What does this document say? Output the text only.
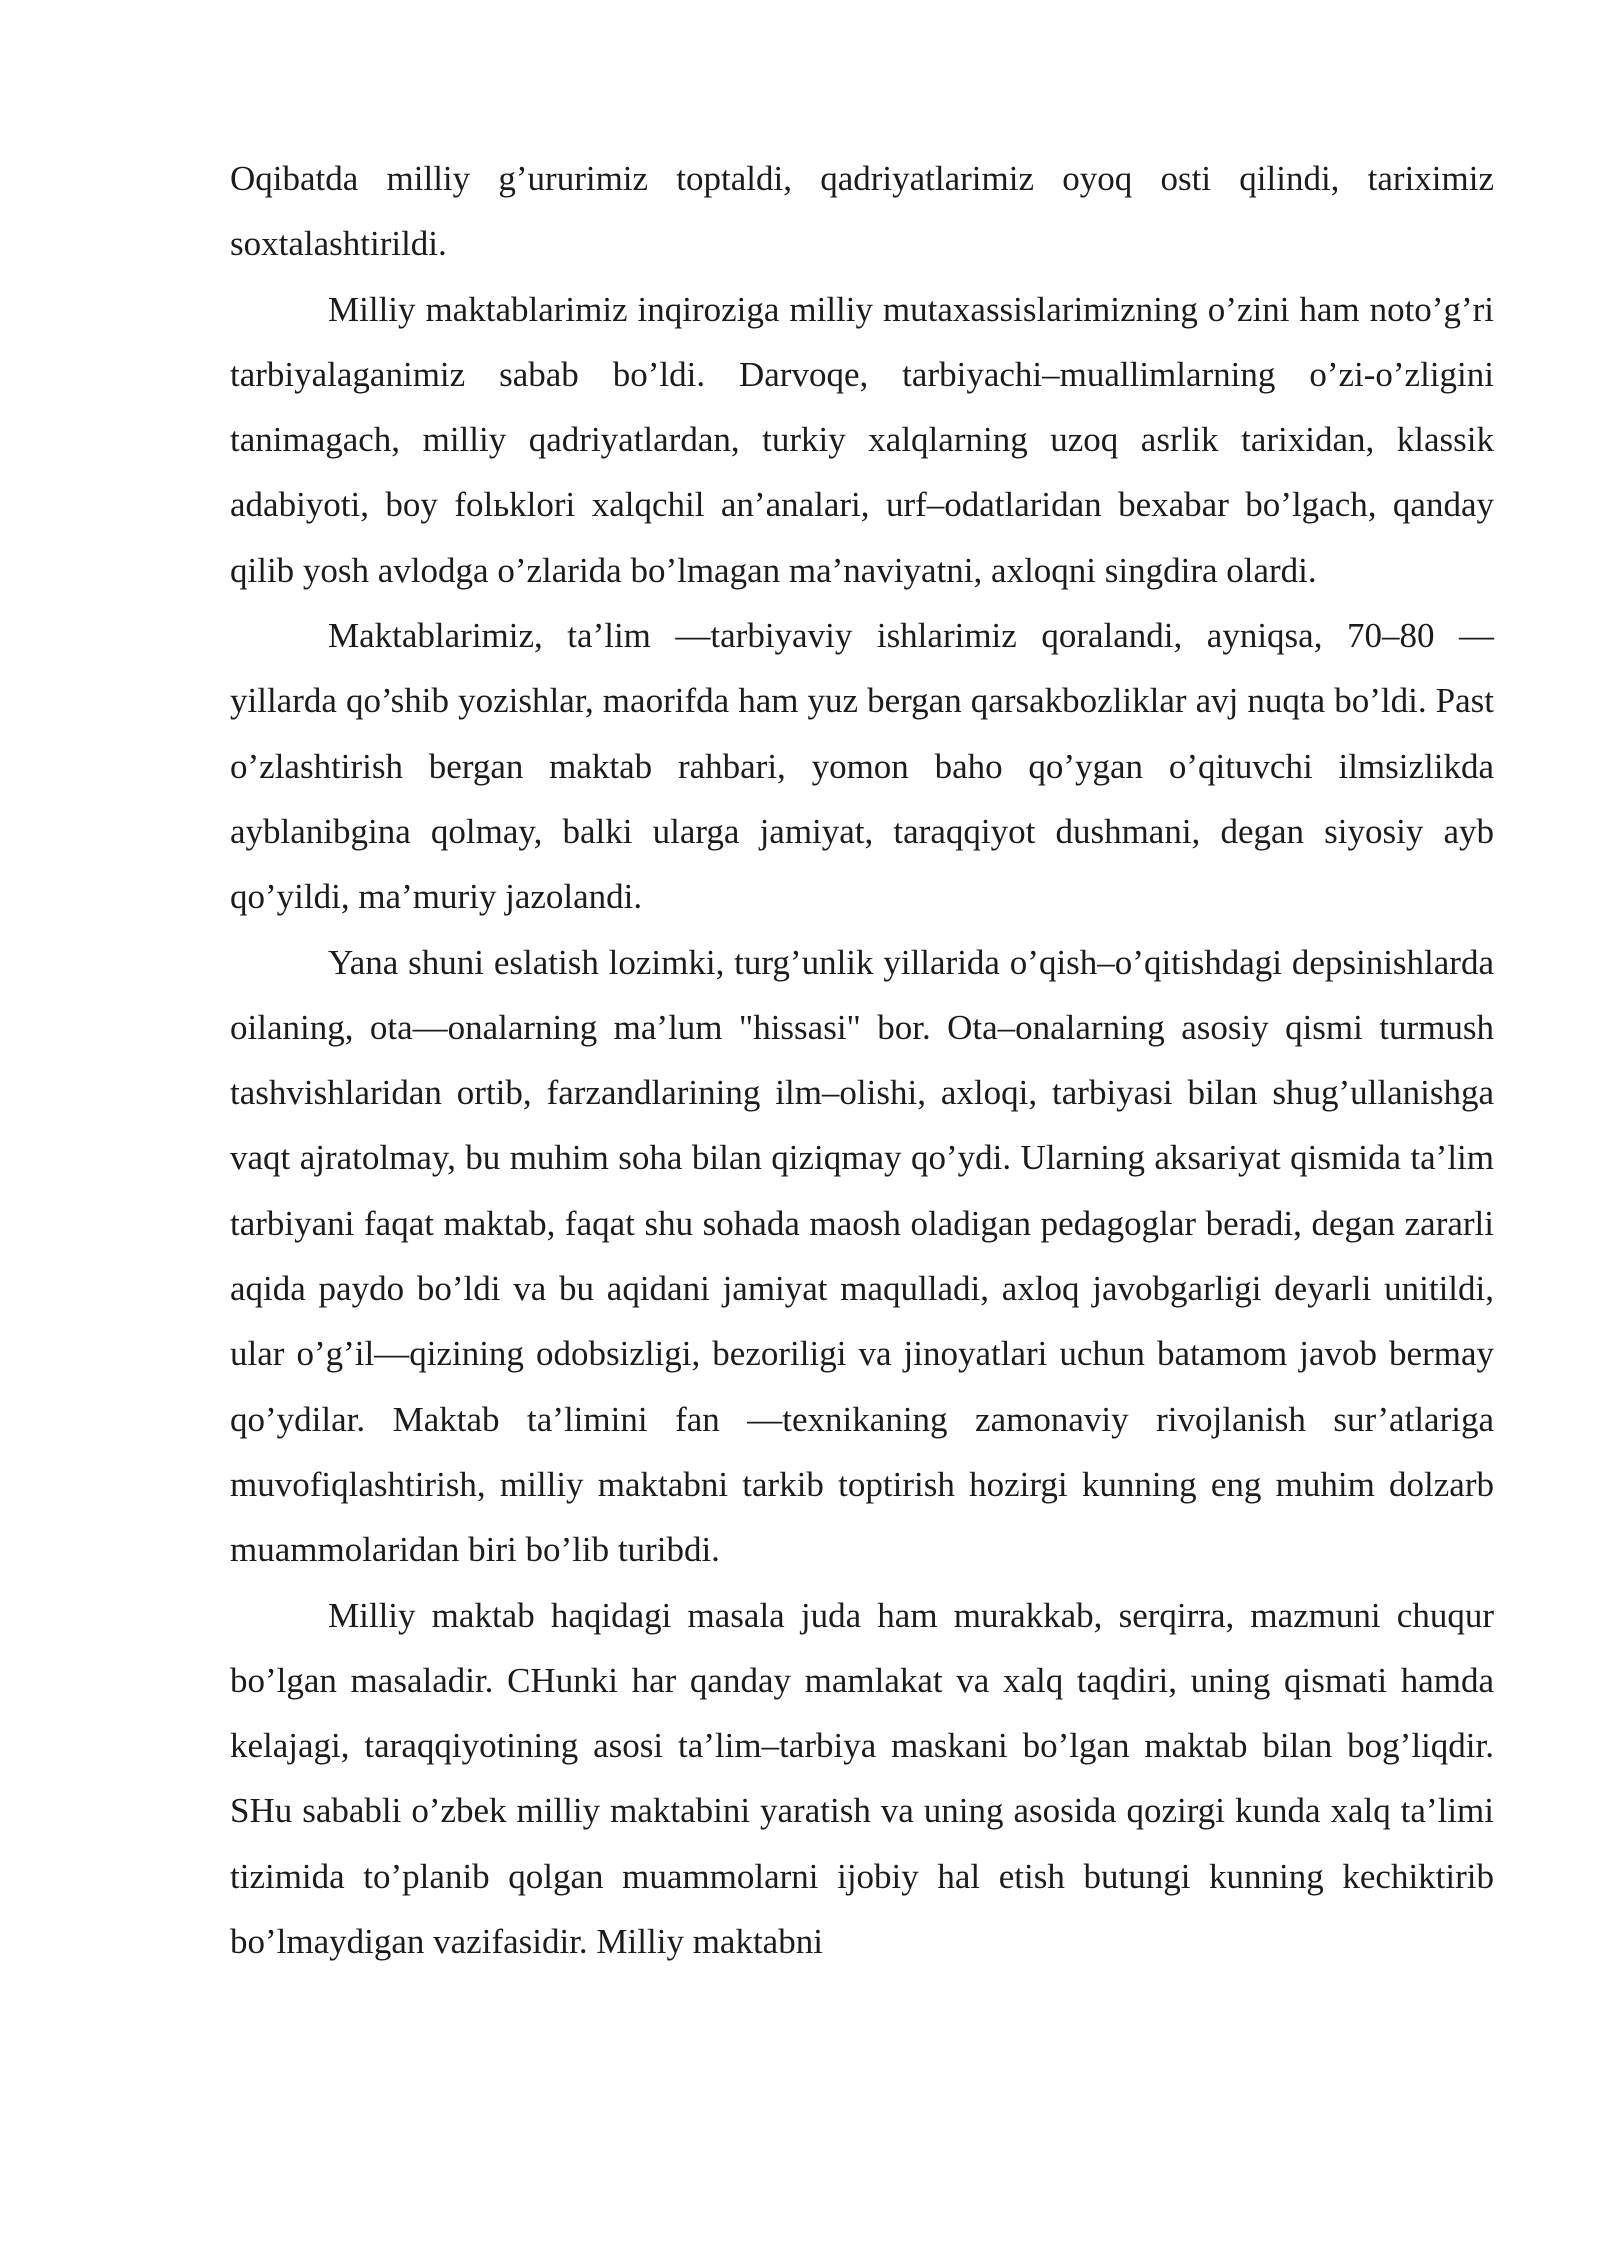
Oqibatda milliy g’ururimiz toptaldi, qadriyatlarimiz oyoq osti qilindi, tariximiz soxtalashtirildi.

Milliy maktablarimiz inqiroziga milliy mutaxassislarimizning o’zini ham noto’g’ri tarbiyalaganimiz sabab bo’ldi. Darvoqe, tarbiyachi–muallimlarning o’zi-o’zligini tanimagach, milliy qadriyatlardan, turkiy xalqlarning uzoq asrlik tarixidan, klassik adabiyoti, boy folьklori xalqchil an’analari, urf–odatlaridan bexabar bo’lgach, qanday qilib yosh avlodga o’zlarida bo’lmagan ma’naviyatni, axloqni singdira olardi.

Maktablarimiz, ta’lim —tarbiyaviy ishlarimiz qoralandi, ayniqsa, 70–80 — yillarda qo’shib yozishlar, maorifda ham yuz bergan qarsakbozliklar avj nuqta bo’ldi. Past o’zlashtirish bergan maktab rahbari, yomon baho qo’ygan o’qituvchi ilmsizlikda ayblanibgina qolmay, balki ularga jamiyat, taraqqiyot dushmani, degan siyosiy ayb qo’yildi, ma’muriy jazolandi.

Yana shuni eslatish lozimki, turg’unlik yillarida o’qish–o’qitishdagi depsinishlarda oilaning, ota—onalarning ma’lum "hissasi" bor. Ota–onalarning asosiy qismi turmush tashvishlaridan ortib, farzandlarining ilm–olishi, axloqi, tarbiyasi bilan shug’ullanishga vaqt ajratolmay, bu muhim soha bilan qiziqmay qo’ydi. Ularning aksariyat qismida ta’lim tarbiyani faqat maktab, faqat shu sohada maosh oladigan pedagoglar beradi, degan zararli aqida paydo bo’ldi va bu aqidani jamiyat maqulladi, axloq javobgarligi deyarli unitildi, ular o’g’il—qizining odobsizligi, bezoriligi va jinoyatlari uchun batamom javob bermay qo’ydilar. Maktab ta’limini fan —texnikaning zamonaviy rivojlanish sur’atlariga muvofiqlashtirish, milliy maktabni tarkib toptirish hozirgi kunning eng muhim dolzarb muammolaridan biri bo’lib turibdi.

Milliy maktab haqidagi masala juda ham murakkab, serqirra, mazmuni chuqur bo’lgan masaladir. CHunki har qanday mamlakat va xalq taqdiri, uning qismati hamda kelajagi, taraqqiyotining asosi ta’lim–tarbiya maskani bo’lgan maktab bilan bog’liqdir. SHu sababli o’zbek milliy maktabini yaratish va uning asosida qozirgi kunda xalq ta’limi tizimida to’planib qolgan muammolarni ijobiy hal etish butungi kunning kechiktirib bo’lmaydigan vazifasidir. Milliy maktabni
